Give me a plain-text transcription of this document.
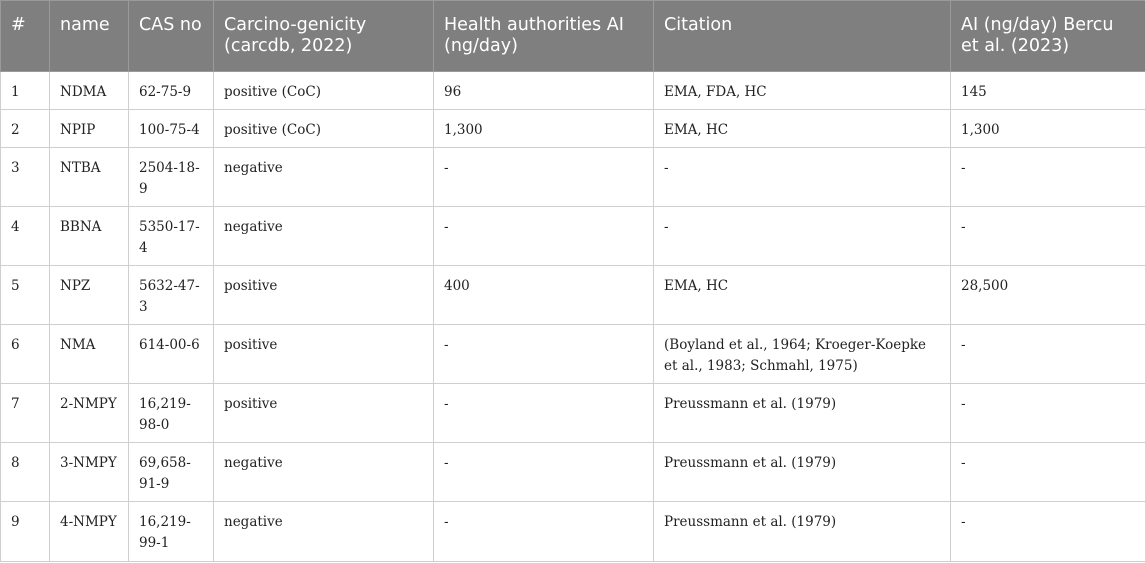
#	name	CAS no	Carcino-genicity (carcdb, 2022)	Health authorities AI (ng/day)	Citation	AI (ng/day) Bercu et al. (2023)
1	NDMA	62-75-9	positive (CoC)	96	EMA, FDA, HC	145
2	NPIP	100-75-4	positive (CoC)	1,300	EMA, HC	1,300
3	NTBA	2504-18-9	negative	-	-	-
4	BBNA	5350-17-4	negative	-	-	-
5	NPZ	5632-47-3	positive	400	EMA, HC	28,500
6	NMA	614-00-6	positive	-	(Boyland et al., 1964; Kroeger-Koepke et al., 1983; Schmahl, 1975)	-
7	2-NMPY	16,219-98-0	positive	-	Preussmann et al. (1979)	-
8	3-NMPY	69,658-91-9	negative	-	Preussmann et al. (1979)	-
9	4-NMPY	16,219-99-1	negative	-	Preussmann et al. (1979)	-
